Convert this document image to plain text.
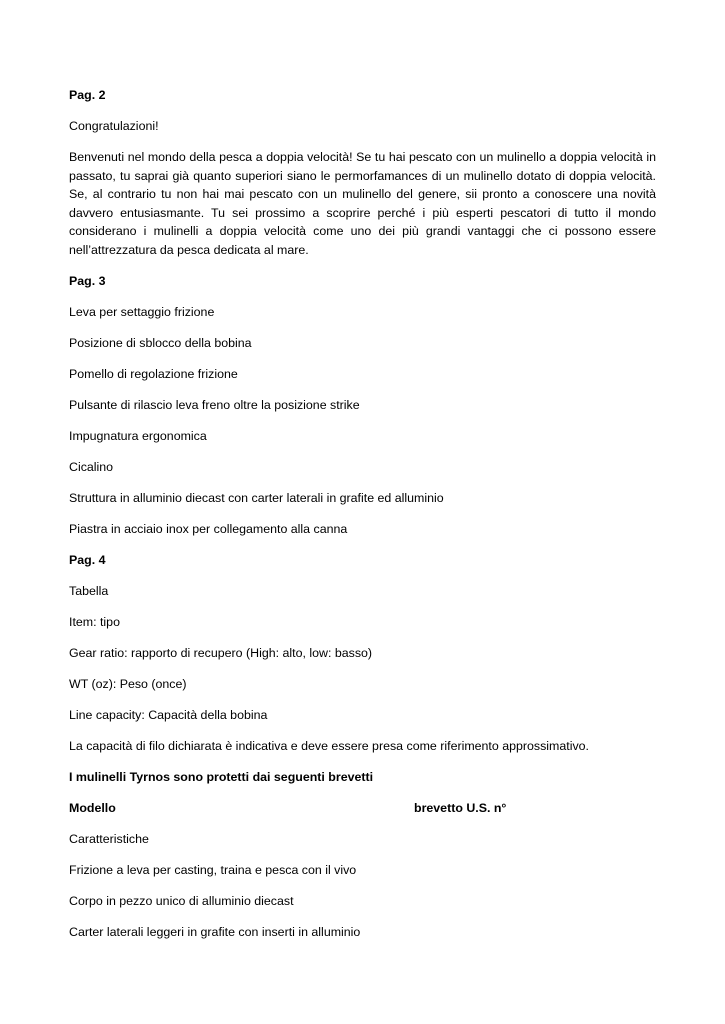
Pag. 2
Congratulazioni!
Benvenuti nel mondo della pesca a doppia velocità! Se tu hai pescato con un mulinello a doppia velocità in passato, tu saprai già quanto superiori siano le permorfamances di un mulinello dotato di doppia velocità. Se, al contrario tu non hai mai pescato con un mulinello del genere, sii pronto a conoscere una novità davvero entusiasmante. Tu sei prossimo a scoprire perché i più esperti pescatori di tutto il mondo considerano i mulinelli a doppia velocità come uno dei più grandi vantaggi che ci possono essere nell’attrezzatura da pesca dedicata al mare.
Pag. 3
Leva per settaggio frizione
Posizione di sblocco della bobina
Pomello di regolazione frizione
Pulsante di rilascio leva freno oltre la posizione strike
Impugnatura ergonomica
Cicalino
Struttura in alluminio diecast con carter laterali in grafite ed alluminio
Piastra in acciaio inox per collegamento alla canna
Pag. 4
Tabella
Item: tipo
Gear ratio: rapporto di recupero (High: alto, low: basso)
WT (oz): Peso (once)
Line capacity: Capacità della bobina
La capacità di filo dichiarata è indicativa e deve essere presa come riferimento approssimativo.
I mulinelli Tyrnos sono protetti dai seguenti brevetti
Modello	brevetto U.S. n°
Caratteristiche
Frizione a leva per casting, traina e pesca con il vivo
Corpo in pezzo unico di alluminio diecast
Carter laterali leggeri in grafite con inserti in alluminio
